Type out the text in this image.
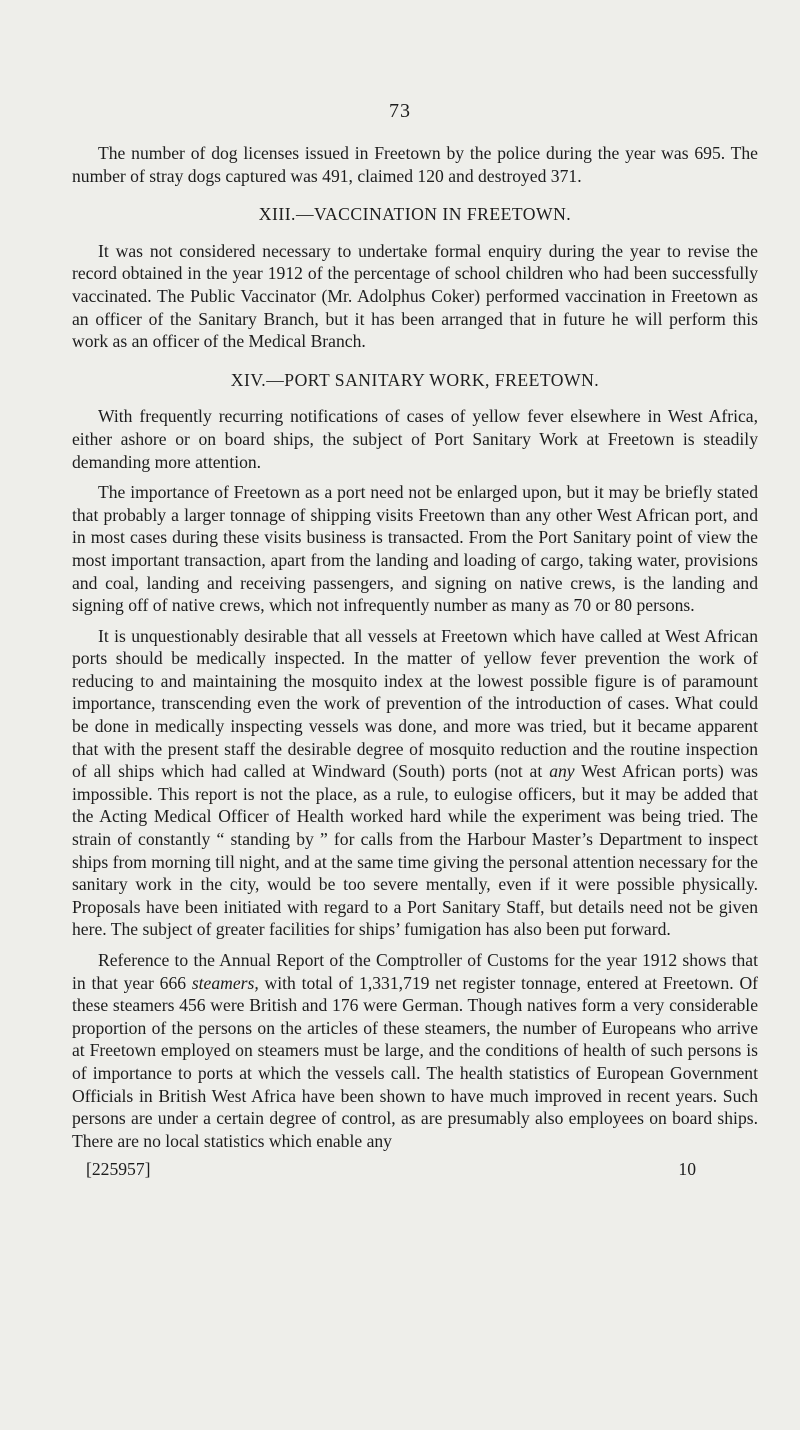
73

The number of dog licenses issued in Freetown by the police during the year was 695. The number of stray dogs captured was 491, claimed 120 and destroyed 371.

XIII.—VACCINATION IN FREETOWN.

It was not considered necessary to undertake formal enquiry during the year to revise the record obtained in the year 1912 of the percentage of school children who had been successfully vaccinated. The Public Vaccinator (Mr. Adolphus Coker) performed vaccination in Freetown as an officer of the Sanitary Branch, but it has been arranged that in future he will perform this work as an officer of the Medical Branch.

XIV.—PORT SANITARY WORK, FREETOWN.

With frequently recurring notifications of cases of yellow fever elsewhere in West Africa, either ashore or on board ships, the subject of Port Sanitary Work at Freetown is steadily demanding more attention.

The importance of Freetown as a port need not be enlarged upon, but it may be briefly stated that probably a larger tonnage of shipping visits Freetown than any other West African port, and in most cases during these visits business is transacted. From the Port Sanitary point of view the most important transaction, apart from the landing and loading of cargo, taking water, provisions and coal, landing and receiving passengers, and signing on native crews, is the landing and signing off of native crews, which not infrequently number as many as 70 or 80 persons.

It is unquestionably desirable that all vessels at Freetown which have called at West African ports should be medically inspected. In the matter of yellow fever prevention the work of reducing to and maintaining the mosquito index at the lowest possible figure is of paramount importance, transcending even the work of prevention of the introduction of cases. What could be done in medically inspecting vessels was done, and more was tried, but it became apparent that with the present staff the desirable degree of mosquito reduction and the routine inspection of all ships which had called at Windward (South) ports (not at any West African ports) was impossible. This report is not the place, as a rule, to eulogise officers, but it may be added that the Acting Medical Officer of Health worked hard while the experiment was being tried. The strain of constantly “ standing by ” for calls from the Harbour Master’s Department to inspect ships from morning till night, and at the same time giving the personal attention necessary for the sanitary work in the city, would be too severe mentally, even if it were possible physically. Proposals have been initiated with regard to a Port Sanitary Staff, but details need not be given here. The subject of greater facilities for ships’ fumigation has also been put forward.

Reference to the Annual Report of the Comptroller of Customs for the year 1912 shows that in that year 666 steamers, with total of 1,331,719 net register tonnage, entered at Freetown. Of these steamers 456 were British and 176 were German. Though natives form a very considerable proportion of the persons on the articles of these steamers, the number of Europeans who arrive at Freetown employed on steamers must be large, and the conditions of health of such persons is of importance to ports at which the vessels call. The health statistics of European Government Officials in British West Africa have been shown to have much improved in recent years. Such persons are under a certain degree of control, as are presumably also employees on board ships. There are no local statistics which enable any

[225957]	10
